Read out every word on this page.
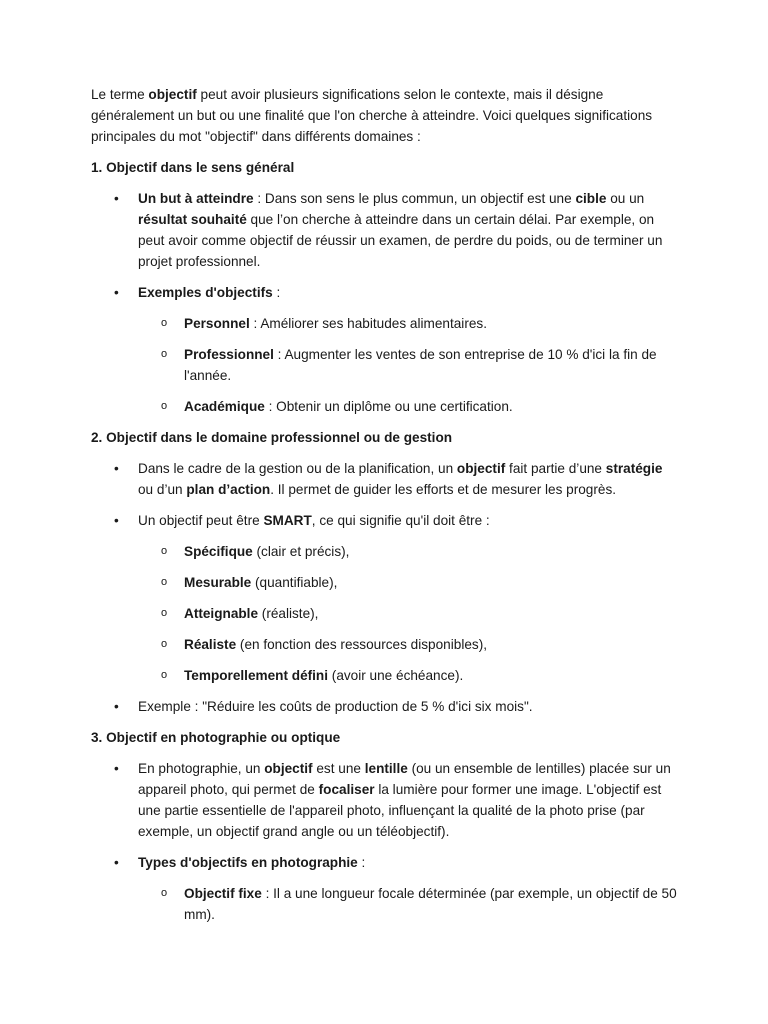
Le terme objectif peut avoir plusieurs significations selon le contexte, mais il désigne généralement un but ou une finalité que l'on cherche à atteindre. Voici quelques significations principales du mot "objectif" dans différents domaines :

1. Objectif dans le sens général

• Un but à atteindre : Dans son sens le plus commun, un objectif est une cible ou un résultat souhaité que l’on cherche à atteindre dans un certain délai. Par exemple, on peut avoir comme objectif de réussir un examen, de perdre du poids, ou de terminer un projet professionnel.

• Exemples d'objectifs :

o Personnel : Améliorer ses habitudes alimentaires.
o Professionnel : Augmenter les ventes de son entreprise de 10 % d'ici la fin de l'année.
o Académique : Obtenir un diplôme ou une certification.

2. Objectif dans le domaine professionnel ou de gestion

• Dans le cadre de la gestion ou de la planification, un objectif fait partie d’une stratégie ou d’un plan d’action. Il permet de guider les efforts et de mesurer les progrès.

• Un objectif peut être SMART, ce qui signifie qu'il doit être :

o Spécifique (clair et précis),
o Mesurable (quantifiable),
o Atteignable (réaliste),
o Réaliste (en fonction des ressources disponibles),
o Temporellement défini (avoir une échéance).

• Exemple : "Réduire les coûts de production de 5 % d'ici six mois".

3. Objectif en photographie ou optique

• En photographie, un objectif est une lentille (ou un ensemble de lentilles) placée sur un appareil photo, qui permet de focaliser la lumière pour former une image. L'objectif est une partie essentielle de l'appareil photo, influençant la qualité de la photo prise (par exemple, un objectif grand angle ou un téléobjectif).

• Types d'objectifs en photographie :

o Objectif fixe : Il a une longueur focale déterminée (par exemple, un objectif de 50 mm).
